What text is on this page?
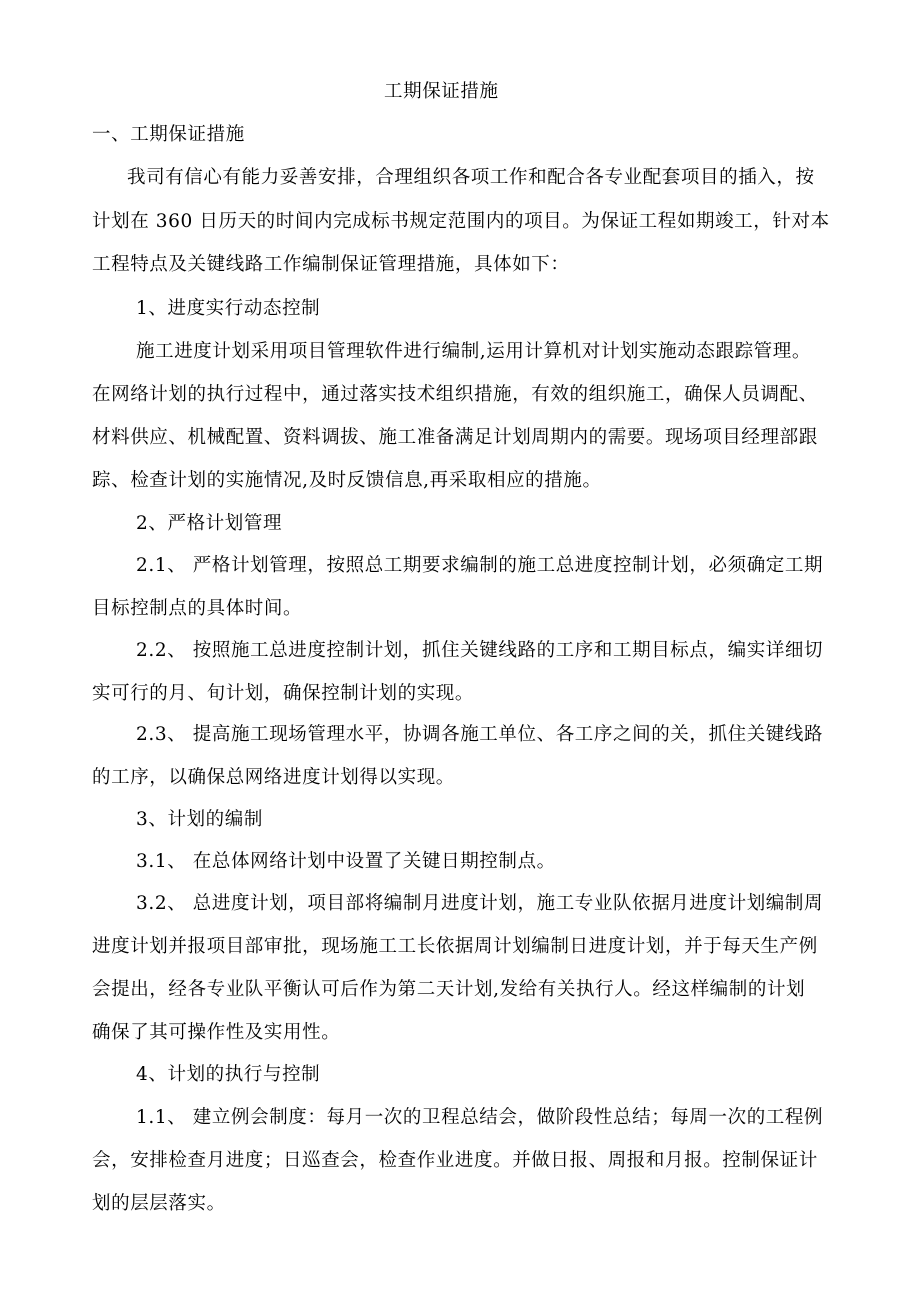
工期保证措施
一、工期保证措施
我司有信心有能力妥善安排，合理组织各项工作和配合各专业配套项目的插入，按
计划在 360 日历天的时间内完成标书规定范围内的项目。为保证工程如期竣工，针对本
工程特点及关键线路工作编制保证管理措施，具体如下：
1、进度实行动态控制
施工进度计划采用项目管理软件进行编制,运用计算机对计划实施动态跟踪管理。
在网络计划的执行过程中，通过落实技术组织措施，有效的组织施工，确保人员调配、
材料供应、机械配置、资料调拔、施工准备满足计划周期内的需要。现场项目经理部跟
踪、检查计划的实施情况,及时反馈信息,再采取相应的措施。
2、严格计划管理
2.1、 严格计划管理，按照总工期要求编制的施工总进度控制计划，必须确定工期
目标控制点的具体时间。
2.2、 按照施工总进度控制计划，抓住关键线路的工序和工期目标点，编实详细切
实可行的月、旬计划，确保控制计划的实现。
2.3、 提高施工现场管理水平，协调各施工单位、各工序之间的关，抓住关键线路
的工序，以确保总网络进度计划得以实现。
3、计划的编制
3.1、 在总体网络计划中设置了关键日期控制点。
3.2、 总进度计划，项目部将编制月进度计划，施工专业队依据月进度计划编制周
进度计划并报项目部审批，现场施工工长依据周计划编制日进度计划，并于每天生产例
会提出，经各专业队平衡认可后作为第二天计划,发给有关执行人。经这样编制的计划
确保了其可操作性及实用性。
4、计划的执行与控制
1.1、 建立例会制度：每月一次的卫程总结会，做阶段性总结；每周一次的工程例
会，安排检查月进度；日巡查会，检查作业进度。并做日报、周报和月报。控制保证计
划的层层落实。
